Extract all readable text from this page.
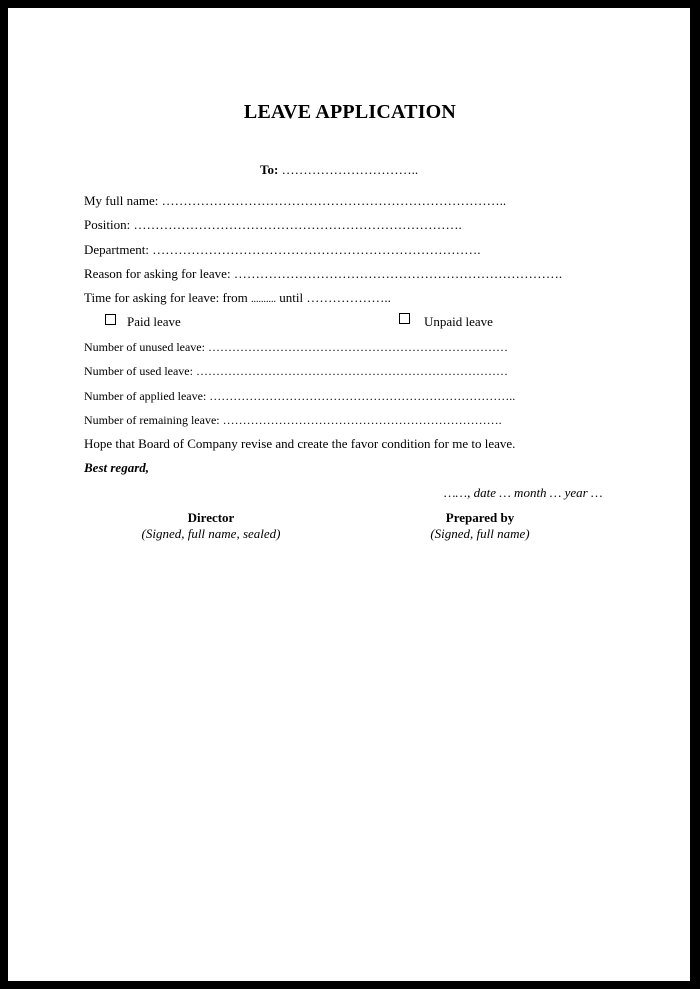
LEAVE APPLICATION
To: …………………………..
My full name: ……………………………………………………………………..
Position: ………………………………………………………………….
Department: ………………………………………………………………….
Reason for asking for leave: ………………………………………………………………….
Time for asking for leave: from .......... until ………………..
Paid leave	Unpaid leave
Number of unused leave: …………………………………………………………………
Number of used leave: ……………………………………………………………………
Number of applied leave: …………………………………………………………………..
Number of remaining leave: …………………………………………………………….
Hope that Board of Company revise and create the favor condition for me to leave.
Best regard,
……, date … month … year …
Director
(Signed, full name, sealed)
Prepared by
(Signed, full name)
